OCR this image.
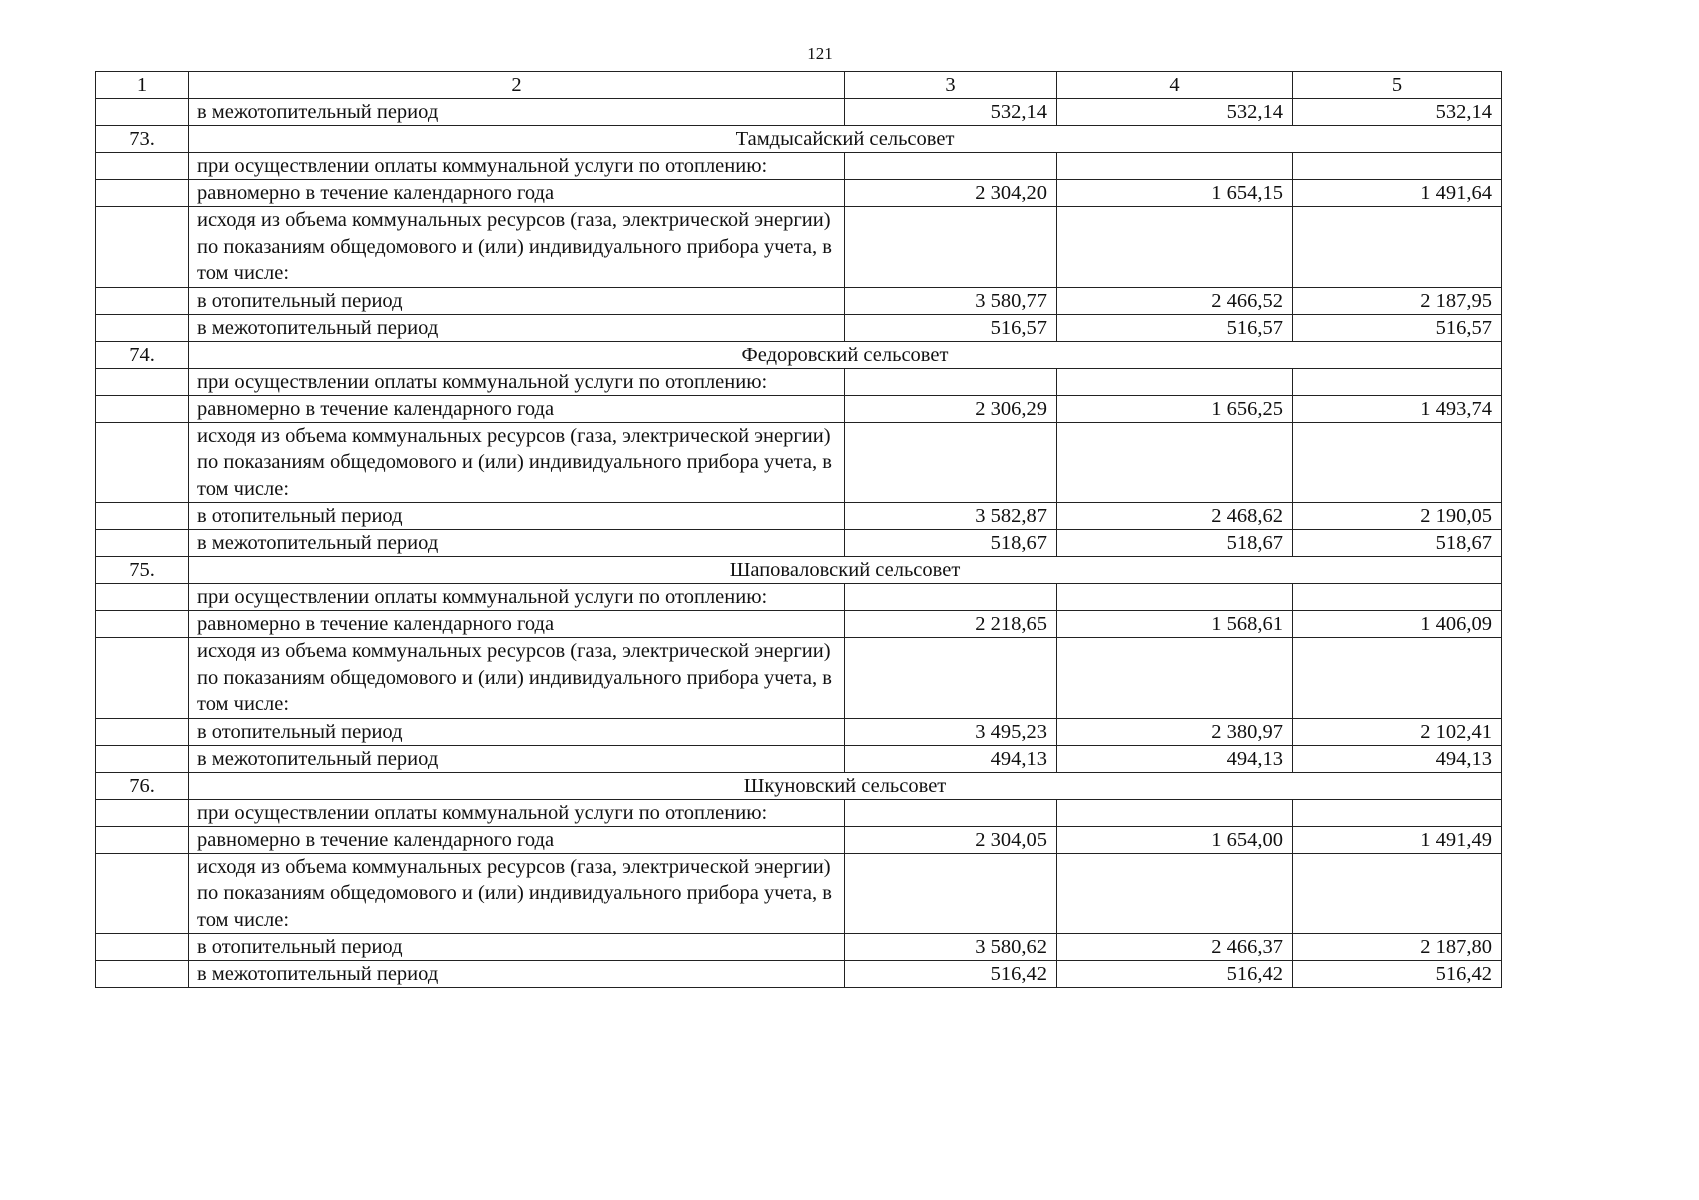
121
1	2	3	4	5
	в межотопительный период	532,14	532,14	532,14
73.	Тамдысайский сельсовет			
	при осуществлении оплаты коммунальной услуги по отоплению:			
	равномерно в течение календарного года	2 304,20	1 654,15	1 491,64
	исходя из объема коммунальных ресурсов (газа, электрической энергии) по показаниям общедомового и (или) индивидуального прибора учета, в том числе:			
	в отопительный период	3 580,77	2 466,52	2 187,95
	в межотопительный период	516,57	516,57	516,57
74.	Федоровский сельсовет			
	при осуществлении оплаты коммунальной услуги по отоплению:			
	равномерно в течение календарного года	2 306,29	1 656,25	1 493,74
	исходя из объема коммунальных ресурсов (газа, электрической энергии) по показаниям общедомового и (или) индивидуального прибора учета, в том числе:			
	в отопительный период	3 582,87	2 468,62	2 190,05
	в межотопительный период	518,67	518,67	518,67
75.	Шаповаловский сельсовет			
	при осуществлении оплаты коммунальной услуги по отоплению:			
	равномерно в течение календарного года	2 218,65	1 568,61	1 406,09
	исходя из объема коммунальных ресурсов (газа, электрической энергии) по показаниям общедомового и (или) индивидуального прибора учета, в том числе:			
	в отопительный период	3 495,23	2 380,97	2 102,41
	в межотопительный период	494,13	494,13	494,13
76.	Шкуновский сельсовет			
	при осуществлении оплаты коммунальной услуги по отоплению:			
	равномерно в течение календарного года	2 304,05	1 654,00	1 491,49
	исходя из объема коммунальных ресурсов (газа, электрической энергии) по показаниям общедомового и (или) индивидуального прибора учета, в том числе:			
	в отопительный период	3 580,62	2 466,37	2 187,80
	в межотопительный период	516,42	516,42	516,42
